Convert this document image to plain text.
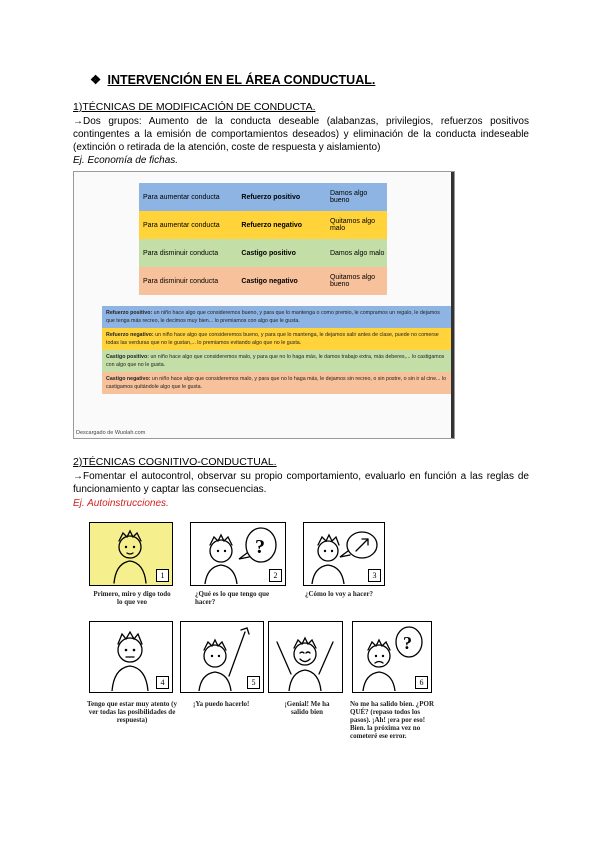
❖ INTERVENCIÓN EN EL ÁREA CONDUCTUAL.
1)TÉCNICAS DE MODIFICACIÓN DE CONDUCTA.
→Dos grupos: Aumento de la conducta deseable (alabanzas, privilegios, refuerzos positivos contingentes a la emisión de comportamientos deseados) y eliminación de la conducta indeseable (extinción o retirada de la atención, coste de respuesta y aislamiento)
Ej. Economía de fichas.
Para aumentar conducta	Refuerzo positivo	Damos algo bueno
Para aumentar conducta	Refuerzo negativo	Quitamos algo malo
Para disminuir conducta	Castigo positivo	Damos algo malo
Para disminuir conducta	Castigo negativo	Quitamos algo bueno
Refuerzo positivo: un niño hace algo que consideremos bueno, y para que lo mantenga o como premio, le compramos un regalo, le dejamos que tenga más recreo, le decimos muy bien... lo premiamos con algo que le gusta.
Refuerzo negativo: un niño hace algo que consideremos bueno, y para que lo mantenga, le dejamos salir antes de clase, puede no comerse todas las verduras que no le gustan,... lo premiamos evitando algo que no le gusta.
Castigo positivo: un niño hace algo que consideremos malo, y para que no lo haga más, le damos trabajo extra, más deberes,... lo castigamos con algo que no le gusta.
Castigo negativo: un niño hace algo que consideremos malo, y para que no lo haga más, le dejamos sin recreo, o sin postre, o sin ir al cine... lo castigamos quitándole algo que le gusta.
Descargado de Wuolah.com
2)TÉCNICAS COGNITIVO-CONDUCTUAL.
→Fomentar el autocontrol, observar su propio comportamiento, evaluarlo en función a las reglas de funcionamiento y captar las consecuencias.
Ej. Autoinstrucciones.
1
?
2	3
Primero, miro y digo todo lo que veo
¿Qué es lo que tengo que hacer?
¿Cómo lo voy a hacer?
4	5
?
6
Tengo que estar muy atento (y ver todas las posibilidades de respuesta)
¡Ya puedo hacerlo!	¡Genial! Me ha salido bien
No me ha salido bien. ¿POR QUÉ? (repaso todos los pasos). ¡Ah! ¡era por eso! Bien. la próxima vez no cometeré ese error.
